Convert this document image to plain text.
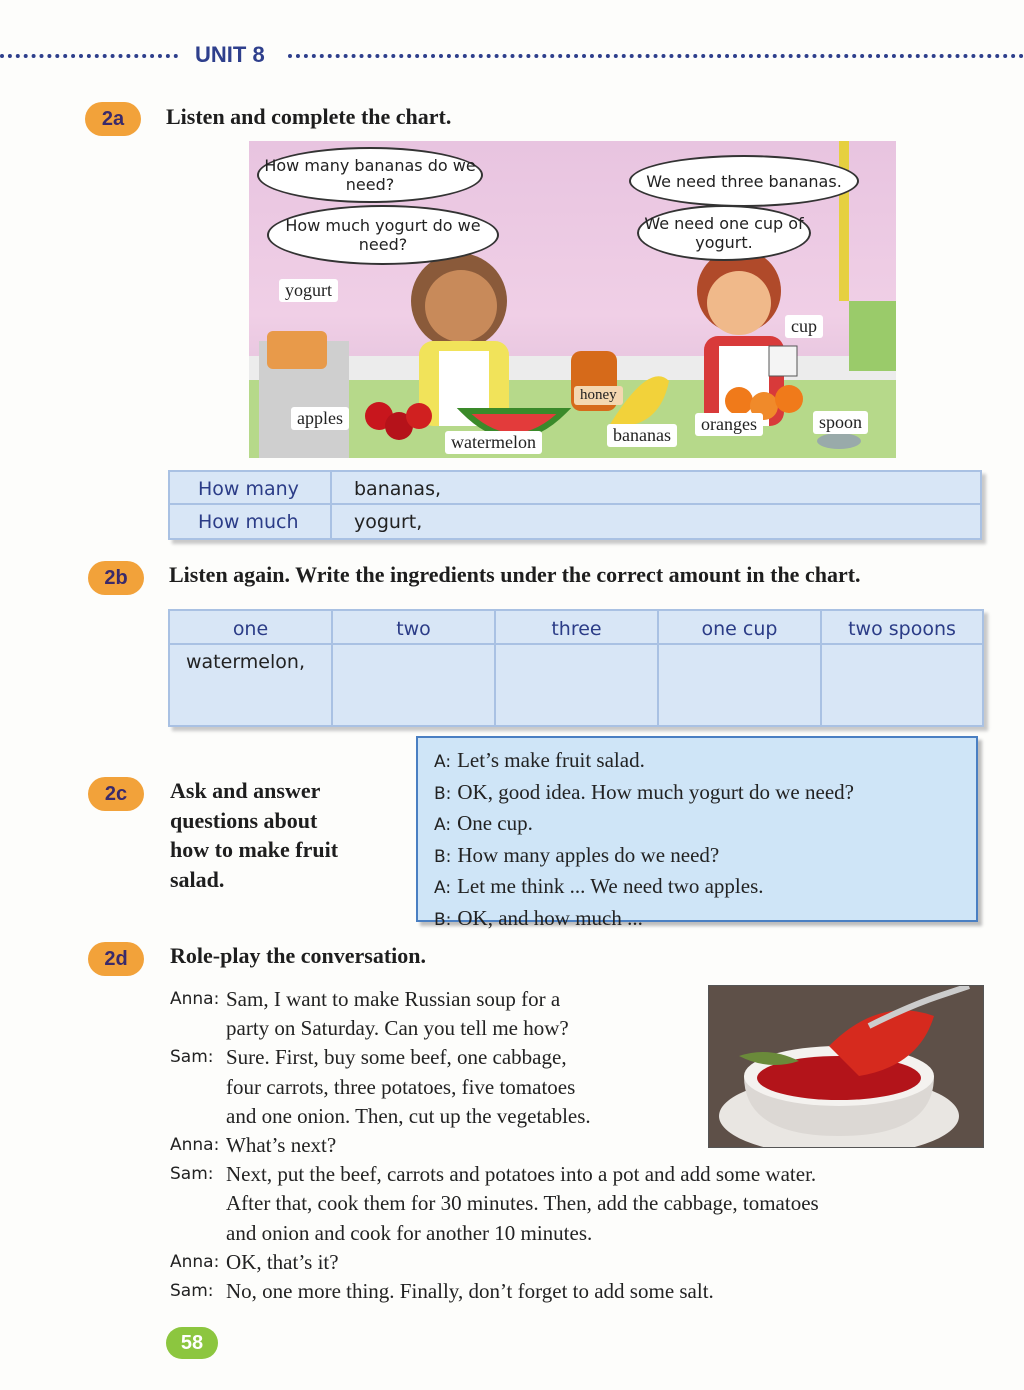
UNIT 8
2a	Listen and complete the chart.
How many bananas do we need?
How much yogurt do we need?
We need three bananas.
We need one cup of yogurt.
yogurt
cup
apples
honey
watermelon	bananas
oranges	spoon
How many	bananas,
How much	yogurt,
2b	Listen again. Write the ingredients under the correct amount in the chart.
one	two	three	one cup	two spoons
watermelon,
2c	Ask and answer
questions about
how to make fruit
salad.
A: Let’s make fruit salad.
B: OK, good idea. How much yogurt do we need?
A: One cup.
B: How many apples do we need?
A: Let me think ... We need two apples.
B: OK, and how much ...
2d	Role-play the conversation.
Anna: Sam, I want to make Russian soup for a
party on Saturday. Can you tell me how?
Sam: Sure. First, buy some beef, one cabbage,
four carrots, three potatoes, five tomatoes
and one onion. Then, cut up the vegetables.
Anna: What’s next?
Sam: Next, put the beef, carrots and potatoes into a pot and add some water.
After that, cook them for 30 minutes. Then, add the cabbage, tomatoes
and onion and cook for another 10 minutes.
Anna: OK, that’s it?
Sam: No, one more thing. Finally, don’t forget to add some salt.
58
